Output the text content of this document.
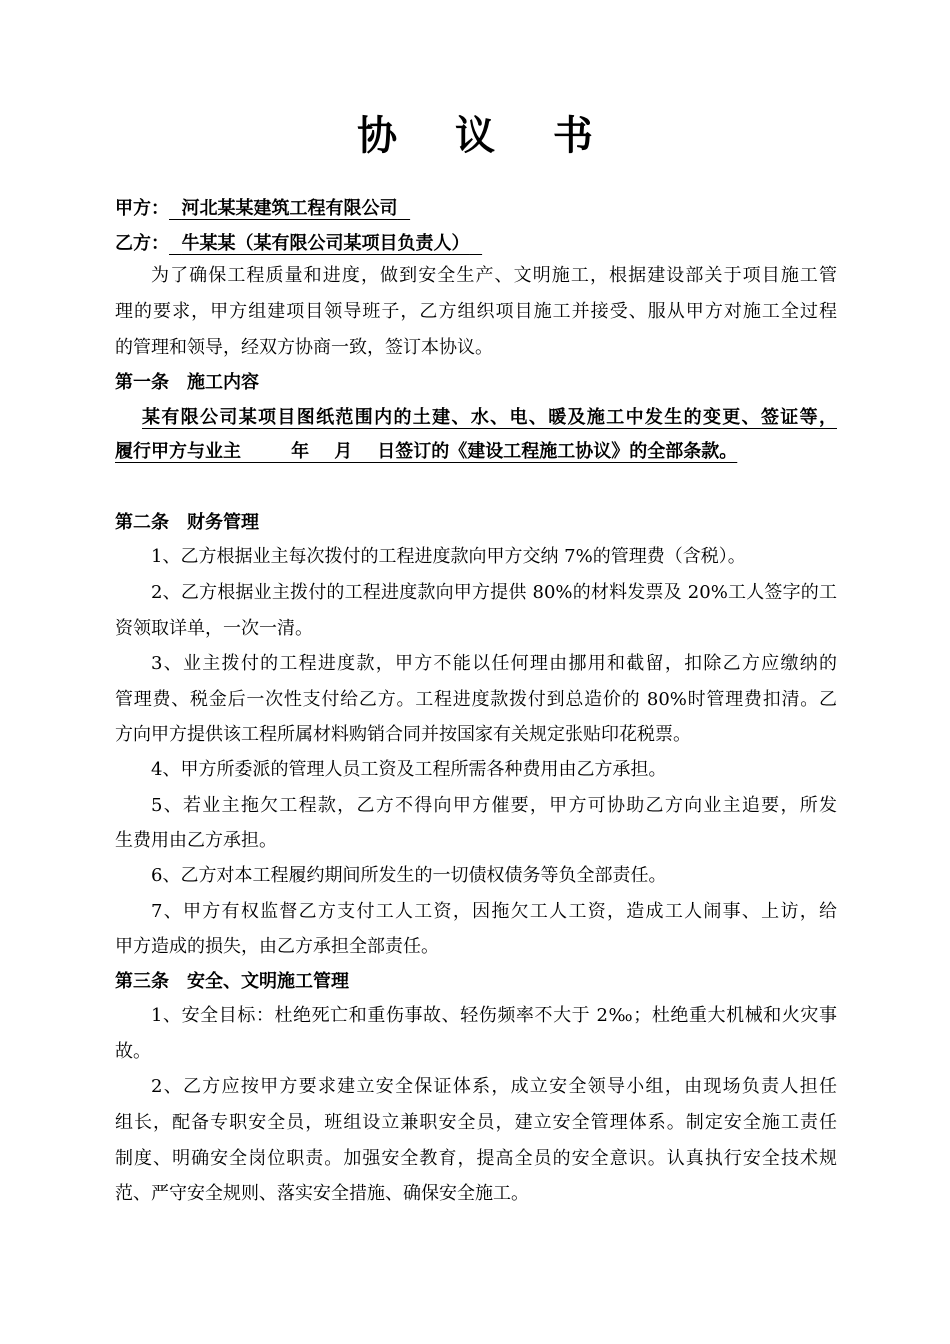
协 议 书
甲方： 河北某某建筑工程有限公司
乙方： 牛某某（某有限公司某项目负责人）
为了确保工程质量和进度，做到安全生产、文明施工，根据建设部关于项目施工管
理的要求，甲方组建项目领导班子，乙方组织项目施工并接受、服从甲方对施工全过程
的管理和领导，经双方协商一致，签订本协议。
第一条 施工内容
某有限公司某项目图纸范围内的土建、水、电、暖及施工中发生的变更、签证等，
履行甲方与业主        年    月    日签订的《建设工程施工协议》的全部条款。
第二条 财务管理
1、乙方根据业主每次拨付的工程进度款向甲方交纳 7%的管理费（含税）。
2、乙方根据业主拨付的工程进度款向甲方提供 80%的材料发票及 20%工人签字的工
资领取详单，一次一清。
3、业主拨付的工程进度款，甲方不能以任何理由挪用和截留，扣除乙方应缴纳的
管理费、税金后一次性支付给乙方。工程进度款拨付到总造价的 80%时管理费扣清。乙
方向甲方提供该工程所属材料购销合同并按国家有关规定张贴印花税票。
4、甲方所委派的管理人员工资及工程所需各种费用由乙方承担。
5、若业主拖欠工程款，乙方不得向甲方催要，甲方可协助乙方向业主追要，所发
生费用由乙方承担。
6、乙方对本工程履约期间所发生的一切债权债务等负全部责任。
7、甲方有权监督乙方支付工人工资，因拖欠工人工资，造成工人闹事、上访，给
甲方造成的损失，由乙方承担全部责任。
第三条 安全、文明施工管理
1、安全目标：杜绝死亡和重伤事故、轻伤频率不大于 2‰；杜绝重大机械和火灾事
故。
2、乙方应按甲方要求建立安全保证体系，成立安全领导小组，由现场负责人担任
组长，配备专职安全员，班组设立兼职安全员，建立安全管理体系。制定安全施工责任
制度、明确安全岗位职责。加强安全教育，提高全员的安全意识。认真执行安全技术规
范、严守安全规则、落实安全措施、确保安全施工。
